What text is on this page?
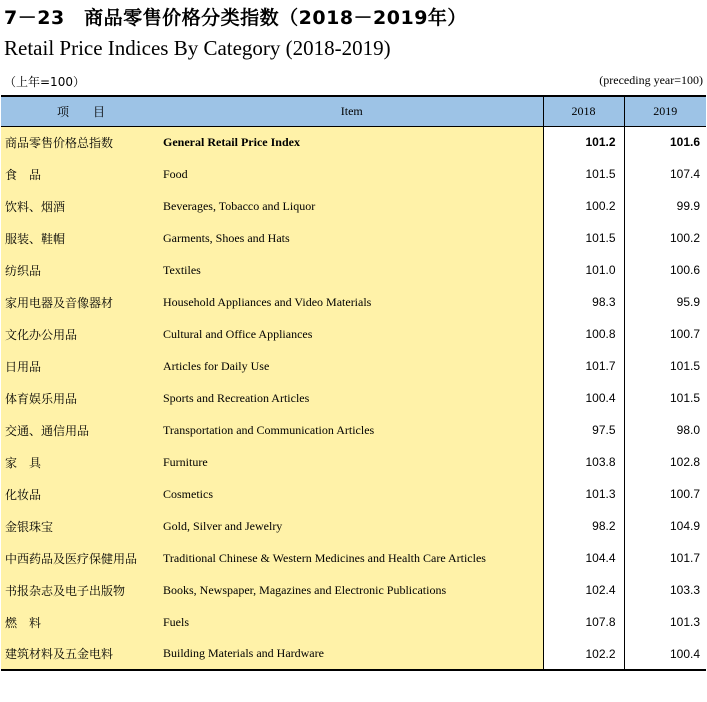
7－23　商品零售价格分类指数（2018－2019年）
Retail Price Indices By Category (2018-2019)
（上年=100）	(preceding year=100)
项　　目	Item	2018	2019
商品零售价格总指数	General Retail Price Index	101.2	101.6
食　品	Food	101.5	107.4
饮料、烟酒	Beverages, Tobacco and Liquor	100.2	99.9
服装、鞋帽	Garments, Shoes and Hats	101.5	100.2
纺织品	Textiles	101.0	100.6
家用电器及音像器材	Household Appliances and Video Materials	98.3	95.9
文化办公用品	Cultural and Office Appliances	100.8	100.7
日用品	Articles for Daily Use	101.7	101.5
体育娱乐用品	Sports and Recreation Articles	100.4	101.5
交通、通信用品	Transportation and Communication Articles	97.5	98.0
家　具	Furniture	103.8	102.8
化妆品	Cosmetics	101.3	100.7
金银珠宝	Gold, Silver and Jewelry	98.2	104.9
中西药品及医疗保健用品	Traditional Chinese & Western Medicines and Health Care Articles	104.4	101.7
书报杂志及电子出版物	Books, Newspaper, Magazines and Electronic Publications	102.4	103.3
燃　料	Fuels	107.8	101.3
建筑材料及五金电料	Building Materials and Hardware	102.2	100.4
